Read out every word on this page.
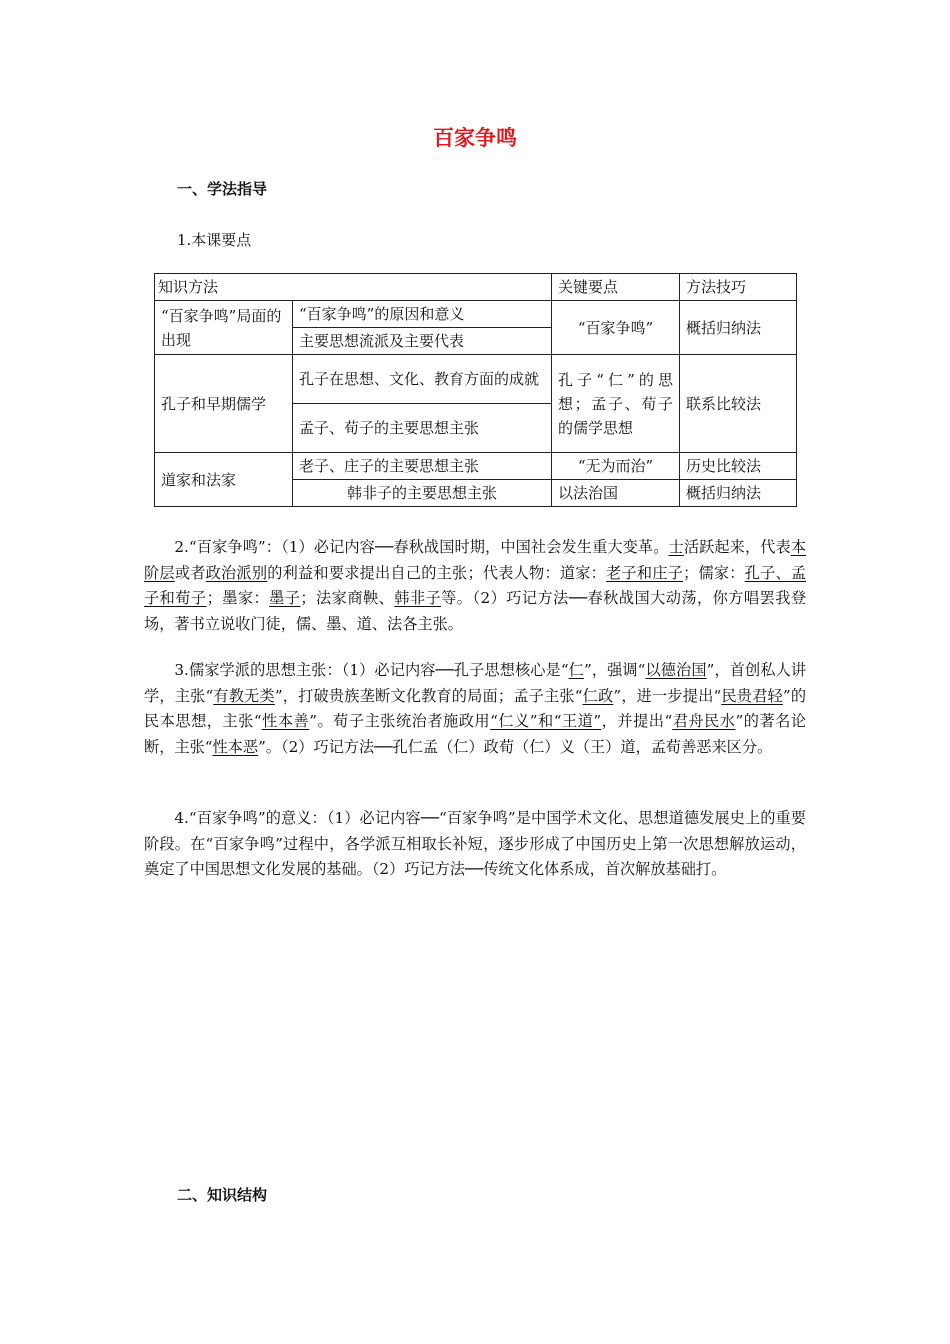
百家争鸣
一、学法指导
1.本课要点
知识方法		关键要点	方法技巧
“百家争鸣”局面的出现	“百家争鸣”的原因和意义	“百家争鸣”	概括归纳法
	主要思想流派及主要代表		
孔子和早期儒学	孔子在思想、文化、教育方面的成就	孔子“仁”的思想；孟子、荀子的儒学思想	联系比较法
	孟子、荀子的主要思想主张		
道家和法家	老子、庄子的主要思想主张	“无为而治”	历史比较法
	韩非子的主要思想主张	以法治国	概括归纳法
2.“百家争鸣”：（1）必记内容──春秋战国时期，中国社会发生重大变革。士活跃起来，代表本阶层或者政治派别的利益和要求提出自己的主张；代表人物：道家：老子和庄子；儒家：孔子、孟子和荀子；墨家：墨子；法家商鞅、韩非子等。（2）巧记方法──春秋战国大动荡，你方唱罢我登场，著书立说收门徒，儒、墨、道、法各主张。
3.儒家学派的思想主张：（1）必记内容──孔子思想核心是“仁”，强调“以德治国”，首创私人讲学，主张“有教无类”，打破贵族垄断文化教育的局面；孟子主张“仁政”，进一步提出“民贵君轻”的民本思想，主张“性本善”。荀子主张统治者施政用“仁义”和“王道”，并提出“君舟民水”的著名论断，主张“性本恶”。（2）巧记方法──孔仁孟（仁）政荀（仁）义（王）道，孟荀善恶来区分。
4.“百家争鸣”的意义：（1）必记内容──“百家争鸣”是中国学术文化、思想道德发展史上的重要阶段。在“百家争鸣”过程中，各学派互相取长补短，逐步形成了中国历史上第一次思想解放运动，奠定了中国思想文化发展的基础。（2）巧记方法──传统文化体系成，首次解放基础打。
二、知识结构
